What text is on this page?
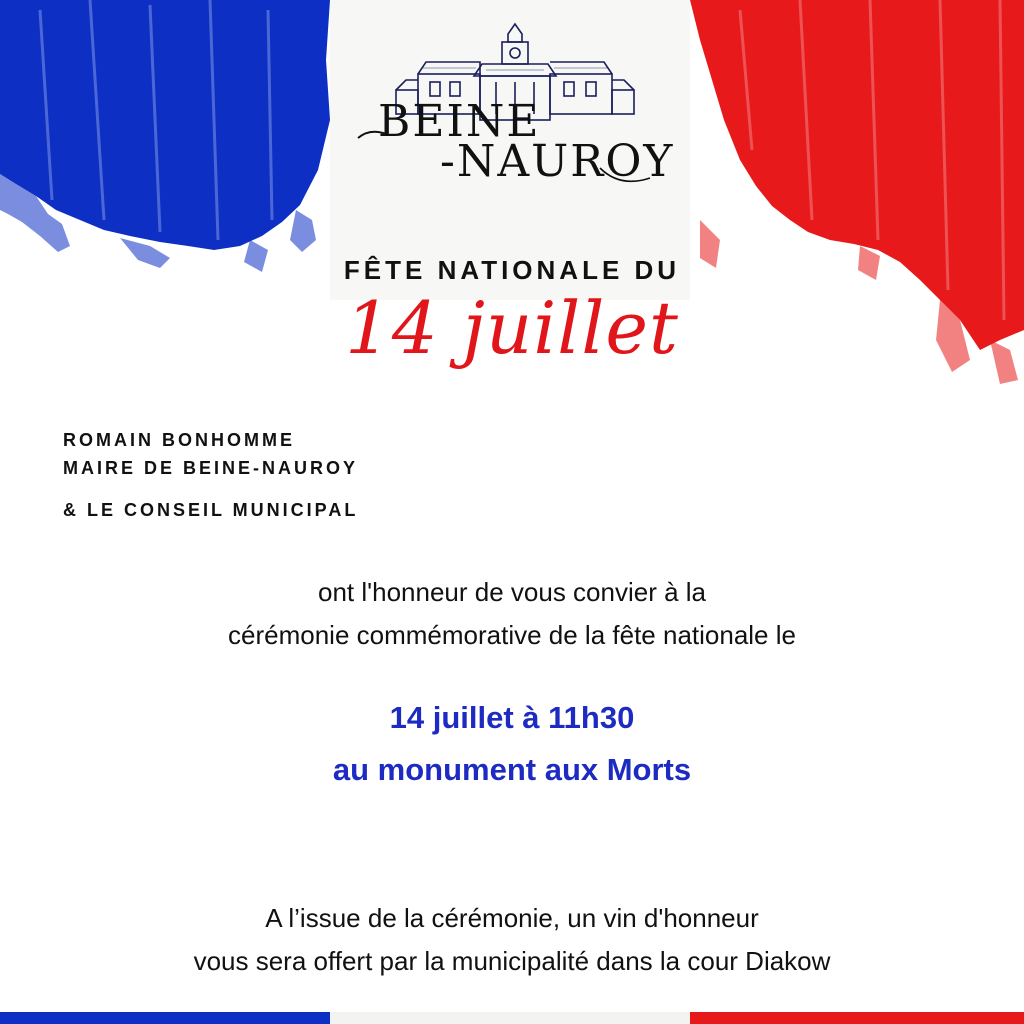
BEINE
-NAUROY
FÊTE NATIONALE DU
14 juillet
ROMAIN BONHOMME
MAIRE DE BEINE-NAUROY
& LE CONSEIL MUNICIPAL
ont l'honneur de vous convier à la
cérémonie commémorative de la fête nationale le
14 juillet à 11h30
au monument aux Morts
A l’issue de la cérémonie, un vin d'honneur
vous sera offert par la municipalité dans la cour Diakow
